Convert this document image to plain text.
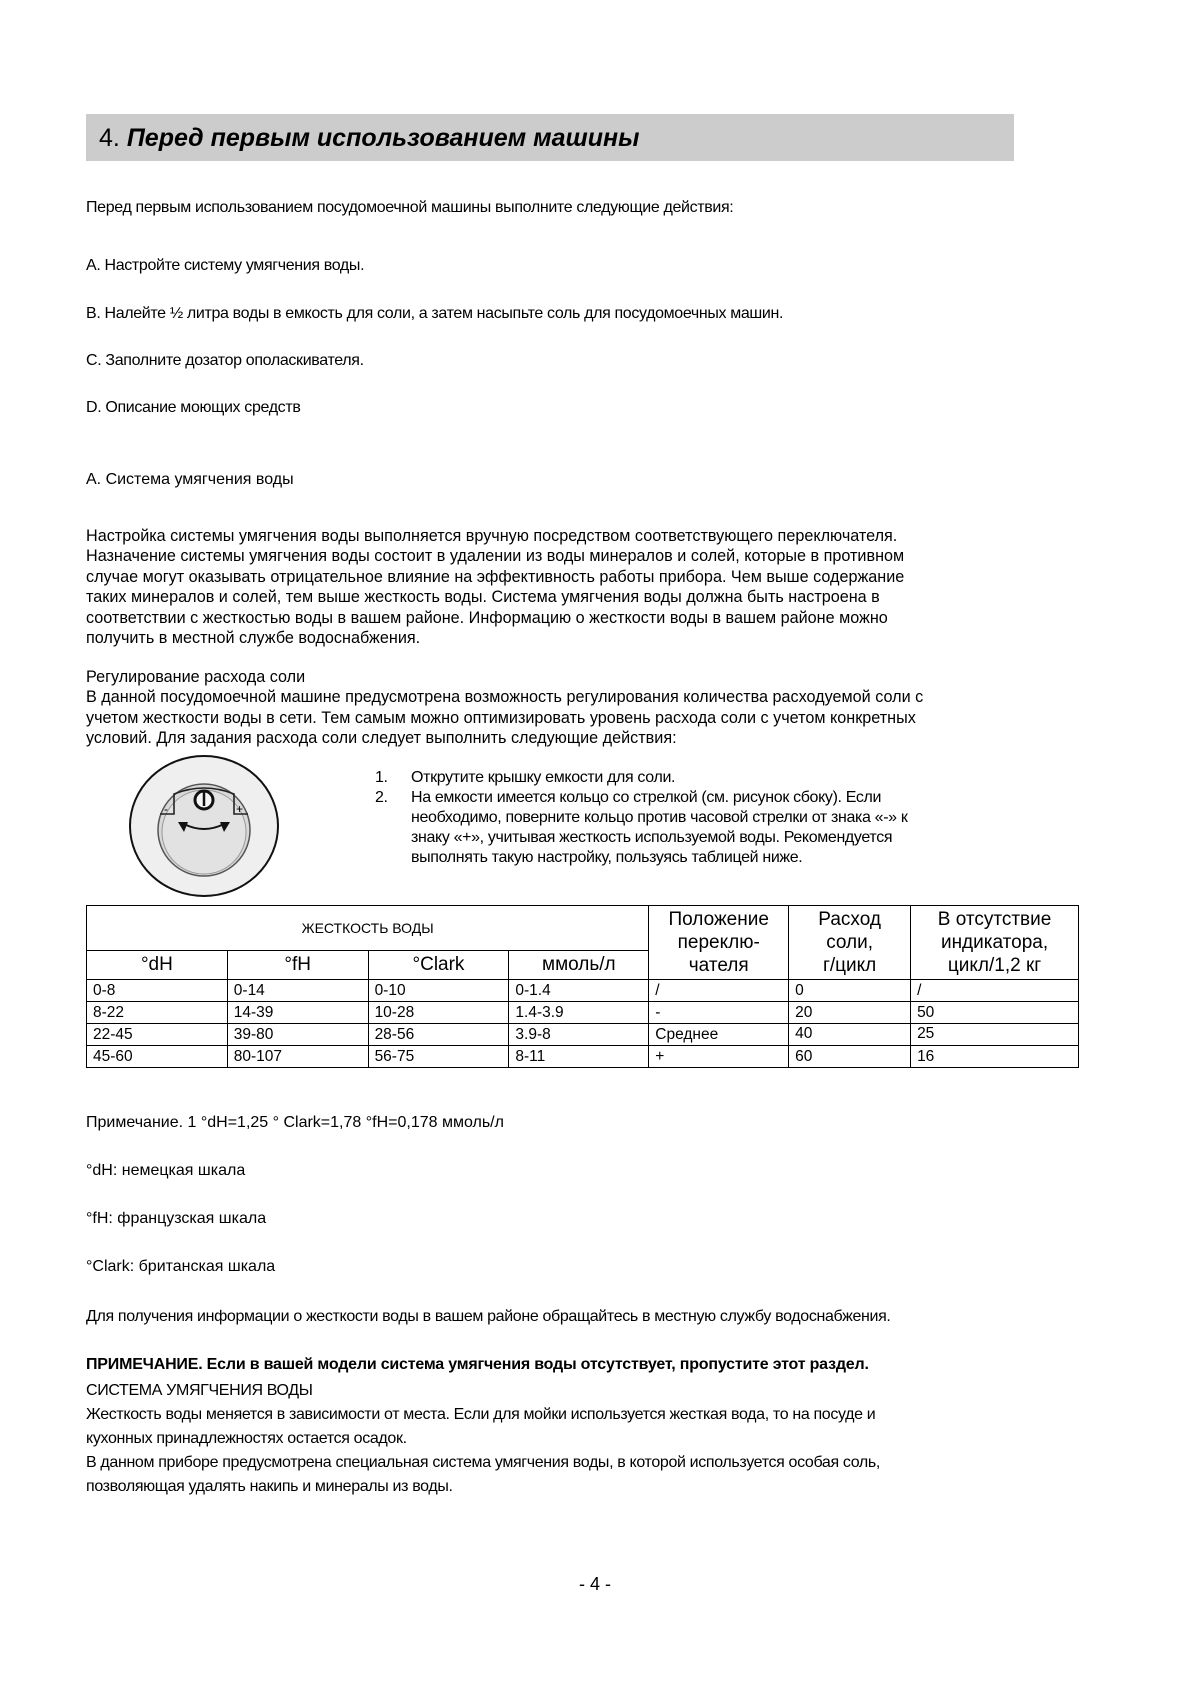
4. Перед первым использованием машины
Перед первым использованием посудомоечной машины выполните следующие действия:
A. Настройте систему умягчения воды.
B. Налейте ½ литра воды в емкость для соли, а затем насыпьте соль для посудомоечных машин.
C. Заполните дозатор ополаскивателя.
D. Описание моющих средств
A. Система умягчения воды
Настройка системы умягчения воды выполняется вручную посредством соответствующего переключателя.
Назначение системы умягчения воды состоит в удалении из воды минералов и солей, которые в противном
случае могут оказывать отрицательное влияние на эффективность работы прибора. Чем выше содержание
таких минералов и солей, тем выше жесткость воды. Система умягчения воды должна быть настроена в
соответствии с жесткостью воды в вашем районе. Информацию о жесткости воды в вашем районе можно
получить в местной службе водоснабжения.
Регулирование расхода соли
В данной посудомоечной машине предусмотрена возможность регулирования количества расходуемой соли с
учетом жесткости воды в сети. Тем самым можно оптимизировать уровень расхода соли с учетом конкретных
условий. Для задания расхода соли следует выполнить следующие действия:
-	+
1. Открутите крышку емкости для соли.
2. На емкости имеется кольцо со стрелкой (см. рисунок сбоку). Если
необходимо, поверните кольцо против часовой стрелки от знака «-» к
знаку «+», учитывая жесткость используемой воды. Рекомендуется
выполнять такую настройку, пользуясь таблицей ниже.
ЖЕСТКОСТЬ ВОДЫ	Положение
переклю-
чателя

Расход
соли,
г/цикл

В отсутствие
индикатора,
цикл/1,2 кг

°dH	°fH	°Clark	ммоль/л			
0-8	0-14	0-10	0-1.4	/	0	/
8-22	14-39	10-28	1.4-3.9	-	20	50
22-45	39-80	28-56	3.9-8	Среднее	40	25
45-60	80-107	56-75	8-11	+	60	16
Примечание. 1 °dH=1,25 ° Clark=1,78 °fH=0,178 ммоль/л
°dH: немецкая шкала
°fH: французская шкала
°Clark: британская шкала
Для получения информации о жесткости воды в вашем районе обращайтесь в местную службу водоснабжения.
ПРИМЕЧАНИЕ. Если в вашей модели система умягчения воды отсутствует, пропустите этот раздел.
СИСТЕМА УМЯГЧЕНИЯ ВОДЫ
Жесткость воды меняется в зависимости от места. Если для мойки используется жесткая вода, то на посуде и
кухонных принадлежностях остается осадок.
В данном приборе предусмотрена специальная система умягчения воды, в которой используется особая соль,
позволяющая удалять накипь и минералы из воды.
- 4 -
